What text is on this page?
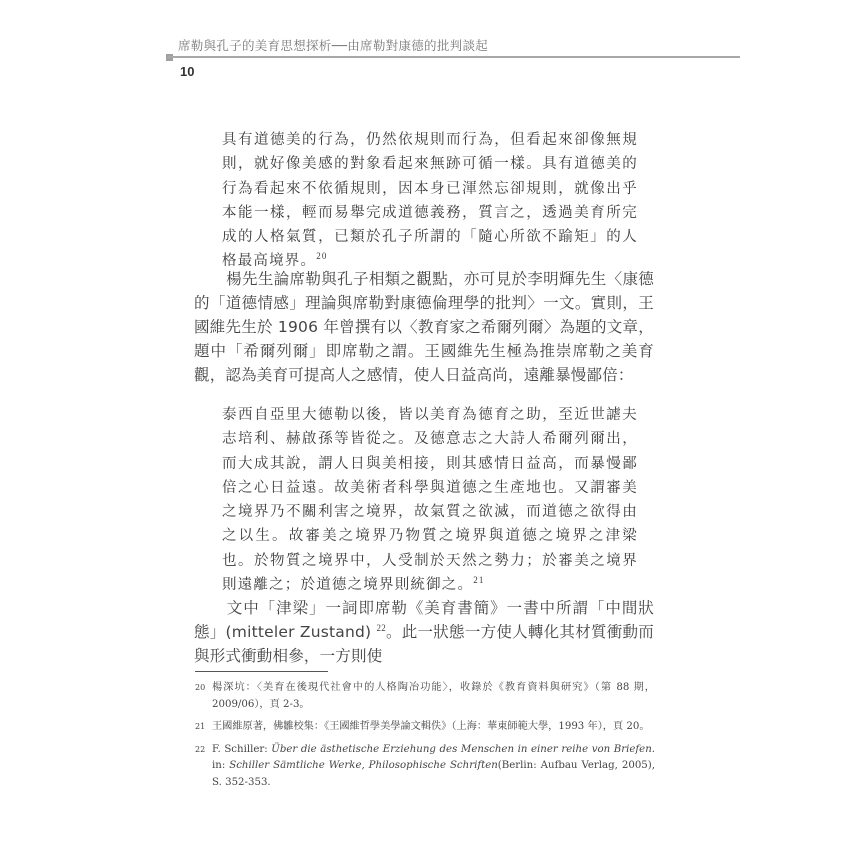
席勒與孔子的美育思想探析──由席勒對康德的批判談起
10

具有道德美的行為，仍然依規則而行為，但看起來卻像無規則，就好像美感的對象看起來無跡可循一樣。具有道德美的行為看起來不依循規則，因本身已渾然忘卻規則，就像出乎本能一樣，輕而易舉完成道德義務，質言之，透過美育所完成的人格氣質，已類於孔子所謂的「隨心所欲不踰矩」的人格最高境界。$^{20}$

楊先生論席勒與孔子相類之觀點，亦可見於李明輝先生〈康德的「道德情感」理論與席勒對康德倫理學的批判〉一文。實則，王國維先生於 1906 年曾撰有以〈教育家之希爾列爾〉為題的文章，題中「希爾列爾」即席勒之謂。王國維先生極為推崇席勒之美育觀，認為美育可提高人之感情，使人日益高尚，遠離暴慢鄙倍：

泰西自亞里大德勒以後，皆以美育為德育之助，至近世謔夫志培利、赫啟孫等皆從之。及德意志之大詩人希爾列爾出，而大成其說，謂人日與美相接，則其感情日益高，而暴慢鄙倍之心日益遠。故美術者科學與道德之生產地也。又謂審美之境界乃不關利害之境界，故氣質之欲滅，而道德之欲得由之以生。故審美之境界乃物質之境界與道德之境界之津梁也。於物質之境界中，人受制於天然之勢力；於審美之境界則遠離之；於道德之境界則統御之。$^{21}$

文中「津梁」一詞即席勒《美育書簡》一書中所謂「中間狀態」(mitteler Zustand) $^{22}$。此一狀態一方使人轉化其材質衝動而與形式衝動相參，一方則使
20 楊深坑：〈美育在後現代社會中的人格陶冶功能〉，收錄於《教育資料與研究》（第 88 期，2009/06），頁 2-3。
21 王國維原著，佛雛校集：《王國維哲學美學論文輯佚》（上海：華東師範大學，1993 年），頁 20。
22 F. Schiller: Über die ästhetische Erziehung des Menschen in einer reihe von Briefen. in: Schiller Sämtliche Werke, Philosophische Schriften(Berlin: Aufbau Verlag, 2005), S. 352-353.
